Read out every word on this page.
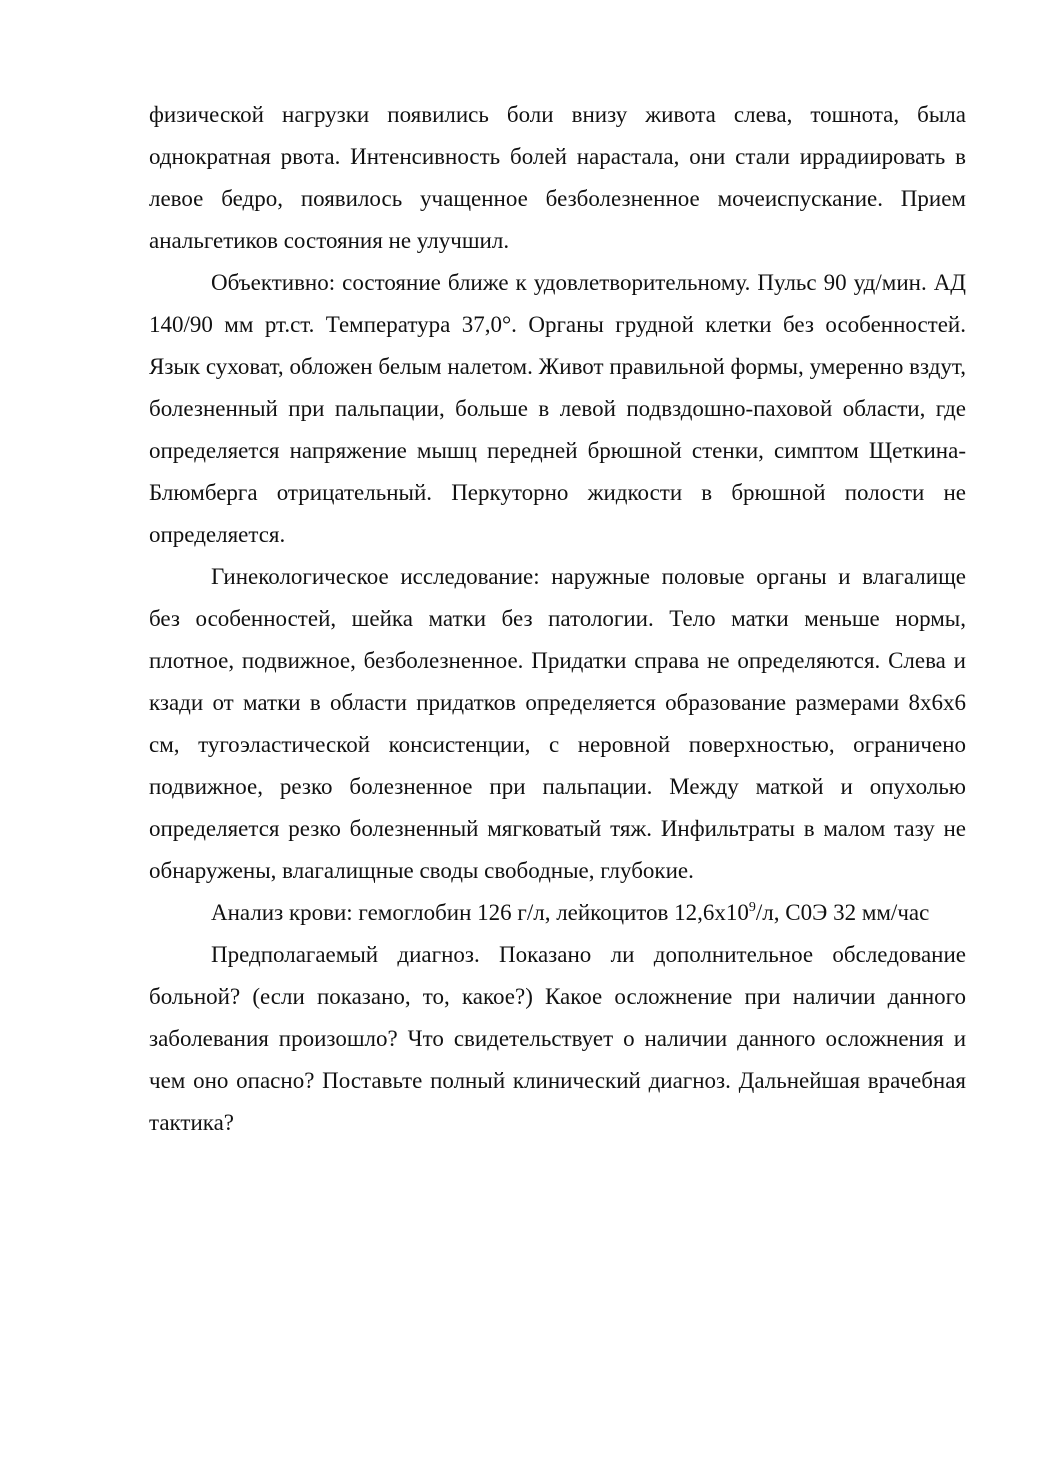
физической нагрузки появились боли внизу живота слева, тошнота, была однократная рвота. Интенсивность болей нарастала, они стали иррадиировать в левое бедро, появилось учащенное безболезненное мочеиспускание. Прием анальгетиков состояния не улучшил.

Объективно: состояние ближе к удовлетворительному. Пульс 90 уд/мин. АД 140/90 мм рт.ст. Температура 37,0°. Органы грудной клетки без особенностей. Язык суховат, обложен белым налетом. Живот правильной формы, умеренно вздут, болезненный при пальпации, больше в левой подвздошно-паховой области, где определяется напряжение мышц передней брюшной стенки, симптом Щеткина-Блюмберга отрицательный. Перкуторно жидкости в брюшной полости не определяется.

Гинекологическое исследование: наружные половые органы и влагалище без особенностей, шейка матки без патологии. Тело матки меньше нормы, плотное, подвижное, безболезненное. Придатки справа не определяются. Слева и кзади от матки в области придатков определяется образование размерами 8х6х6 см, тугоэластической консистенции, с неровной поверхностью, ограничено подвижное, резко болезненное при пальпации. Между маткой и опухолью определяется резко болезненный мягковатый тяж. Инфильтраты в малом тазу не обнаружены, влагалищные своды свободные, глубокие.

Анализ крови: гемоглобин 126 г/л, лейкоцитов $12,6х10^9/л$, С0Э 32 мм/час

Предполагаемый диагноз. Показано ли дополнительное обследование больной? (если показано, то, какое?) Какое осложнение при наличии данного заболевания произошло? Что свидетельствует о наличии данного осложнения и чем оно опасно? Поставьте полный клинический диагноз. Дальнейшая врачебная тактика?
